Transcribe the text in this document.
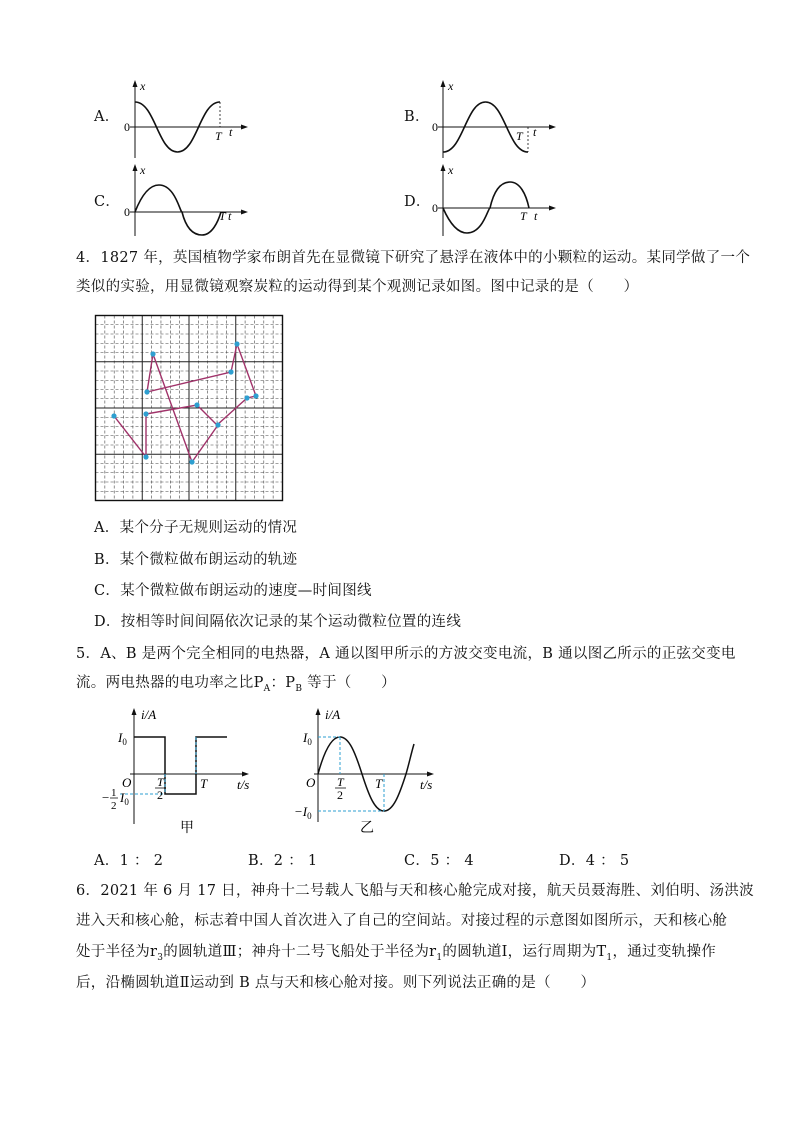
A．
x
0
T t
B．
x
0
T t
C．
x
0	T t
D．
x
0
T t
4．1827 年，英国植物学家布朗首先在显微镜下研究了悬浮在液体中的小颗粒的运动。某同学做了一个
类似的实验，用显微镜观察炭粒的运动得到某个观测记录如图。图中记录的是（　　）
A．某个分子无规则运动的情况
B．某个微粒做布朗运动的轨迹
C．某个微粒做布朗运动的速度—时间图线
D．按相等时间间隔依次记录的某个运动微粒位置的连线
5．A、B 是两个完全相同的电热器，A 通以图甲所示的方波交变电流，B 通以图乙所示的正弦交变电
流。两电热器的电功率之比$P_A$：$P_B$ 等于（　　）
i/A
$I_0$
O T
2
T t/s
− 1
2
$I_0$
甲
i/A
$I_0$
O T
2
T	t/s
$-I_0$
乙
A．1 ： 2	B．2 ： 1	C．5 ： 4	D．4 ： 5
6．2021 年 6 月 17 日，神舟十二号载人飞船与天和核心舱完成对接，航天员聂海胜、刘伯明、汤洪波
进入天和核心舱，标志着中国人首次进入了自己的空间站。对接过程的示意图如图所示，天和核心舱
处于半径为$r_3$的圆轨道Ⅲ；神舟十二号飞船处于半径为$r_1$的圆轨道Ⅰ，运行周期为$T_1$，通过变轨操作
后，沿椭圆轨道Ⅱ运动到 B 点与天和核心舱对接。则下列说法正确的是（　　）
